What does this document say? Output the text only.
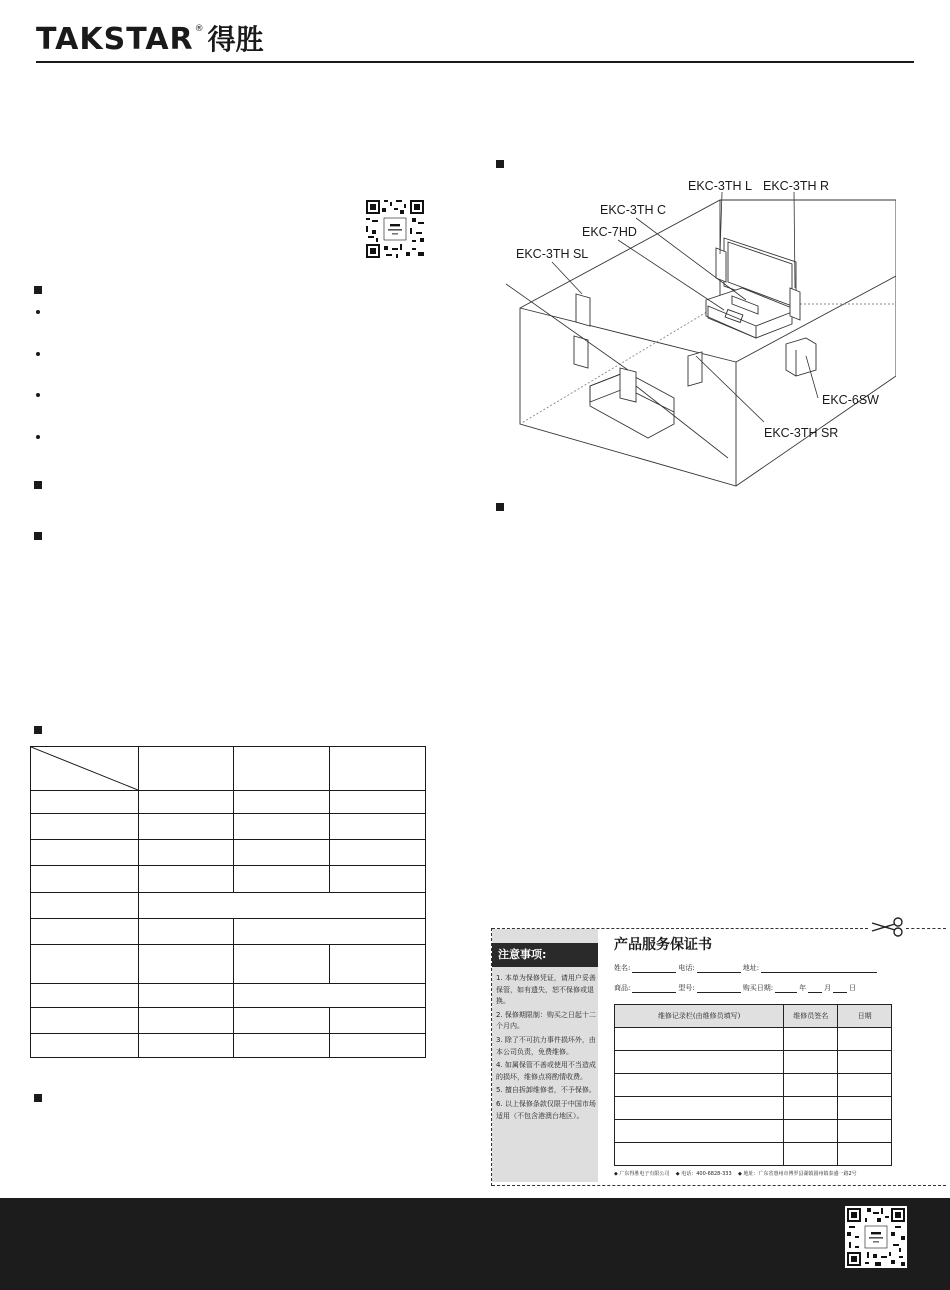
TAKSTAR ® 得胜

EKC-3TH L EKC-3TH R
EKC-3TH C
EKC-7HD
EKC-3TH SL
EKC-6SW
EKC-3TH SR
注意事项:
1. 本单为保修凭证，请用户妥善保管，如有遗失，恕不保修或退换。
2. 保修期限制：购买之日起十二个月内。
3. 除了不可抗力事件损坏外，由本公司负责，免费维修。
4. 如属保管不善或使用不当造成的损坏，维修点将酌情收费。
5. 擅自拆卸维修者，不予保修。
6. 以上保修条款仅限于中国市场适用（不包含港澳台地区）。
产品服务保证书
姓名:	电话:	地址:
商品:	型号:	购买日期:	年	月	日
维修记录栏(由维修员填写)	维修员签名	日期

◆ 广东得胜电子有限公司 ◆ 电话：400-6828-333 ◆ 地址：广东省惠州市博罗县湖镇圆州镇泰盛一路2号
